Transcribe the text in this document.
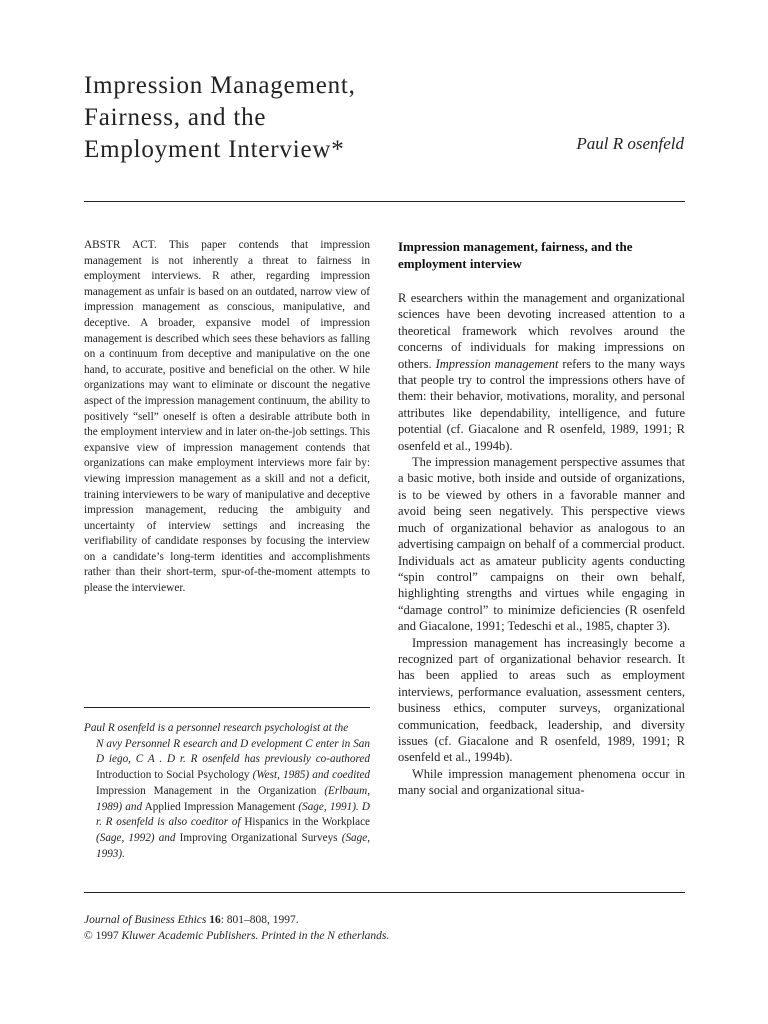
Impression Management,
Fairness, and the
Employment Interview*	Paul R osenfeld

ABSTR ACT. This paper contends that impression management is not inherently a threat to fairness in employment interviews. R ather, regarding impression management as unfair is based on an outdated, narrow view of impression management as conscious, manipulative, and deceptive. A broader, expansive model of impression management is described which sees these behaviors as falling on a continuum from deceptive and manipulative on the one hand, to accurate, positive and beneficial on the other. W hile organizations may want to eliminate or discount the negative aspect of the impression management continuum, the ability to positively “sell” oneself is often a desirable attribute both in the employment interview and in later on-the-job settings. This expansive view of impression management contends that organizations can make employment interviews more fair by: viewing impression management as a skill and not a deficit, training interviewers to be wary of manipulative and deceptive impression management, reducing the ambiguity and uncertainty of interview settings and increasing the verifiability of candidate responses by focusing the interview on a candidate’s long-term identities and accomplishments rather than their short-term, spur-of-the-moment attempts to please the interviewer.

Paul R osenfeld is a personnel research psychologist at the
N avy Personnel R esearch and D evelopment C enter in San D iego, C A . D r. R osenfeld has previously co-authored Introduction to Social Psychology (West, 1985) and coedited Impression Management in the Organization (Erlbaum, 1989) and Applied Impression Management (Sage, 1991). D r. R osenfeld is also coeditor of Hispanics in the Workplace (Sage, 1992) and Improving Organizational Surveys (Sage, 1993).

Impression management, fairness, and the employment interview

R esearchers within the management and organizational sciences have been devoting increased attention to a theoretical framework which revolves around the concerns of individuals for making impressions on others. Impression management refers to the many ways that people try to control the impressions others have of them: their behavior, motivations, morality, and personal attributes like dependability, intelligence, and future potential (cf. Giacalone and R osenfeld, 1989, 1991; R osenfeld et al., 1994b).

The impression management perspective assumes that a basic motive, both inside and outside of organizations, is to be viewed by others in a favorable manner and avoid being seen negatively. This perspective views much of organizational behavior as analogous to an advertising campaign on behalf of a commercial product. Individuals act as amateur publicity agents conducting “spin control” campaigns on their own behalf, highlighting strengths and virtues while engaging in “damage control” to minimize deficiencies (R osenfeld and Giacalone, 1991; Tedeschi et al., 1985, chapter 3).

Impression management has increasingly become a recognized part of organizational behavior research. It has been applied to areas such as employment interviews, performance evaluation, assessment centers, business ethics, computer surveys, organizational communication, feedback, leadership, and diversity issues (cf. Giacalone and R osenfeld, 1989, 1991; R osenfeld et al., 1994b).

While impression management phenomena occur in many social and organizational situa-

Journal of Business Ethics 16: 801–808, 1997.
© 1997 Kluwer Academic Publishers. Printed in the N etherlands.
